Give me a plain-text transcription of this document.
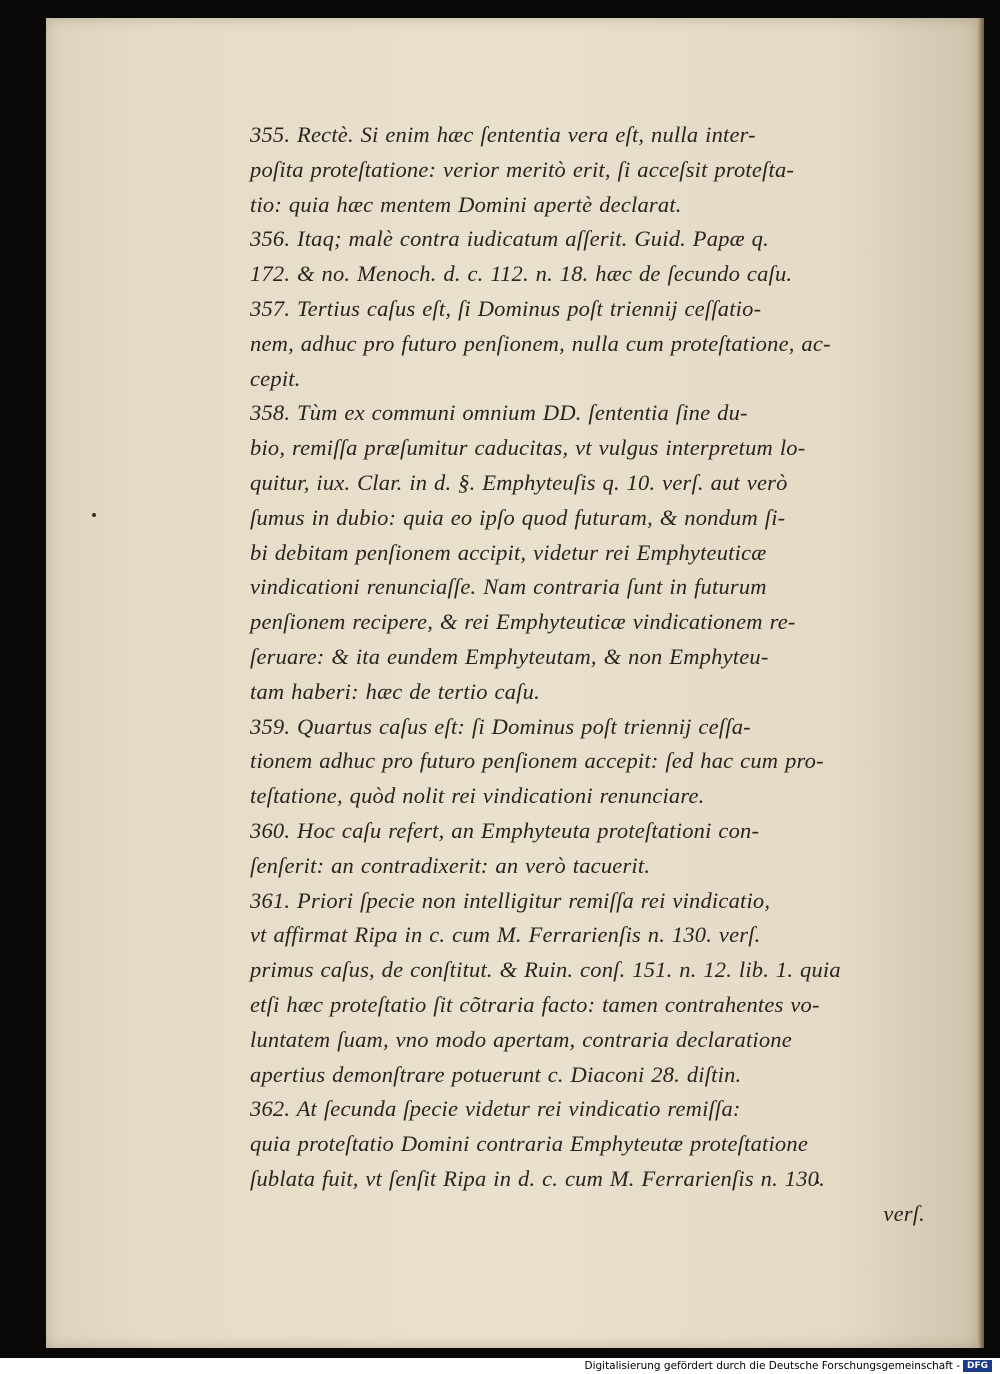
355. Rectè. Si enim hæc ſententia vera eſt, nulla inter-
poſita proteſtatione: verior meritò erit, ſi acceſsit proteſta-
tio: quia hæc mentem Domini apertè declarat.
356. Itaq; malè contra iudicatum aſſerit. Guid. Papæ q.
172. & no. Menoch. d. c. 112. n. 18. hæc de ſecundo caſu.
357. Tertius caſus eſt, ſi Dominus poſt triennij ceſſatio-
nem, adhuc pro futuro penſionem, nulla cum proteſtatione, ac-
cepit.
358. Tùm ex communi omnium DD. ſententia ſine du-
bio, remiſſa præſumitur caducitas, vt vulgus interpretum lo-
quitur, iux. Clar. in d. §. Emphyteuſis q. 10. verſ. aut verò
ſumus in dubio: quia eo ipſo quod futuram, & nondum ſi-
bi debitam penſionem accipit, videtur rei Emphyteuticæ
vindicationi renunciaſſe. Nam contraria ſunt in futurum
penſionem recipere, & rei Emphyteuticæ vindicationem re-
ſeruare: & ita eundem Emphyteutam, & non Emphyteu-
tam haberi: hæc de tertio caſu.
359. Quartus caſus eſt: ſi Dominus poſt triennij ceſſa-
tionem adhuc pro futuro penſionem accepit: ſed hac cum pro-
teſtatione, quòd nolit rei vindicationi renunciare.
360. Hoc caſu refert, an Emphyteuta proteſtationi con-
ſenſerit: an contradixerit: an verò tacuerit.
361. Priori ſpecie non intelligitur remiſſa rei vindicatio,
vt affirmat Ripa in c. cum M. Ferrarienſis n. 130. verſ.
primus caſus, de conſtitut. & Ruin. conſ. 151. n. 12. lib. 1. quia
etſi hæc proteſtatio ſit cõtraria facto: tamen contrahentes vo-
luntatem ſuam, vno modo apertam, contraria declaratione
apertius demonſtrare potuerunt c. Diaconi 28. diſtin.
362. At ſecunda ſpecie videtur rei vindicatio remiſſa:
quia proteſtatio Domini contraria Emphyteutæ proteſtatione
ſublata fuit, vt ſenſit Ripa in d. c. cum M. Ferrarienſis n. 130.
verſ.
Digitalisierung gefördert durch die Deutsche Forschungsgemeinschaft - DFG
